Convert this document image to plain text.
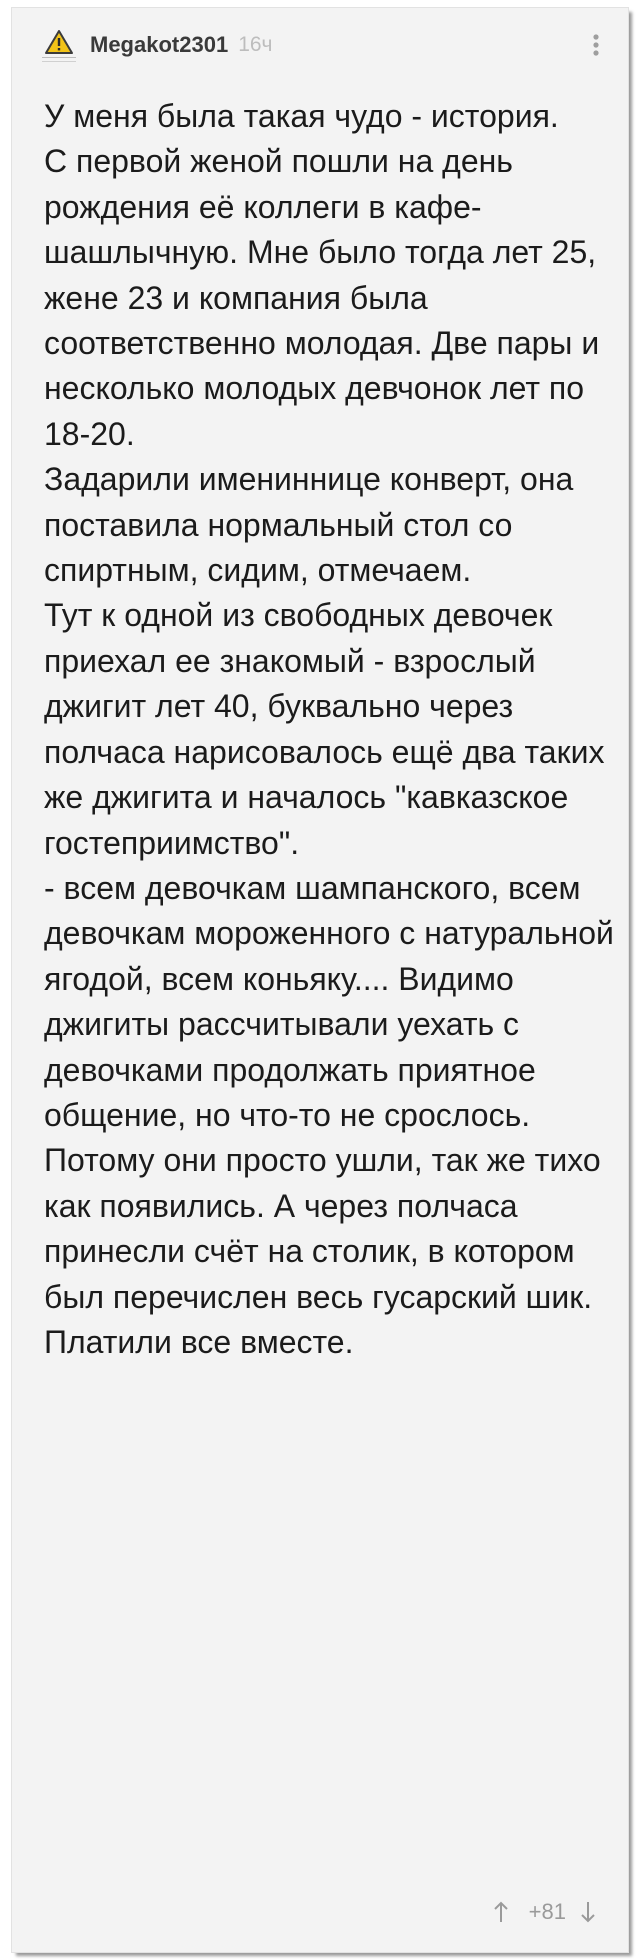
Megakot2301 16ч

У меня была такая чудо - история.
С первой женой пошли на день рождения её коллеги в кафе-шашлычную. Мне было тогда лет 25, жене 23 и компания была соответственно молодая. Две пары и несколько молодых девчонок лет по 18-20.
Задарили имениннице конверт, она поставила нормальный стол со спиртным, сидим, отмечаем.
Тут к одной из свободных девочек приехал ее знакомый - взрослый джигит лет 40, буквально через полчаса нарисовалось ещё два таких же джигита и началось "кавказское гостеприимство".
- всем девочкам шампанского, всем девочкам мороженного с натуральной ягодой, всем коньяку.... Видимо джигиты рассчитывали уехать с девочками продолжать приятное общение, но что-то не срослось. Потому они просто ушли, так же тихо как появились. А через полчаса принесли счёт на столик, в котором был перечислен весь гусарский шик.
Платили все вместе.

+81
